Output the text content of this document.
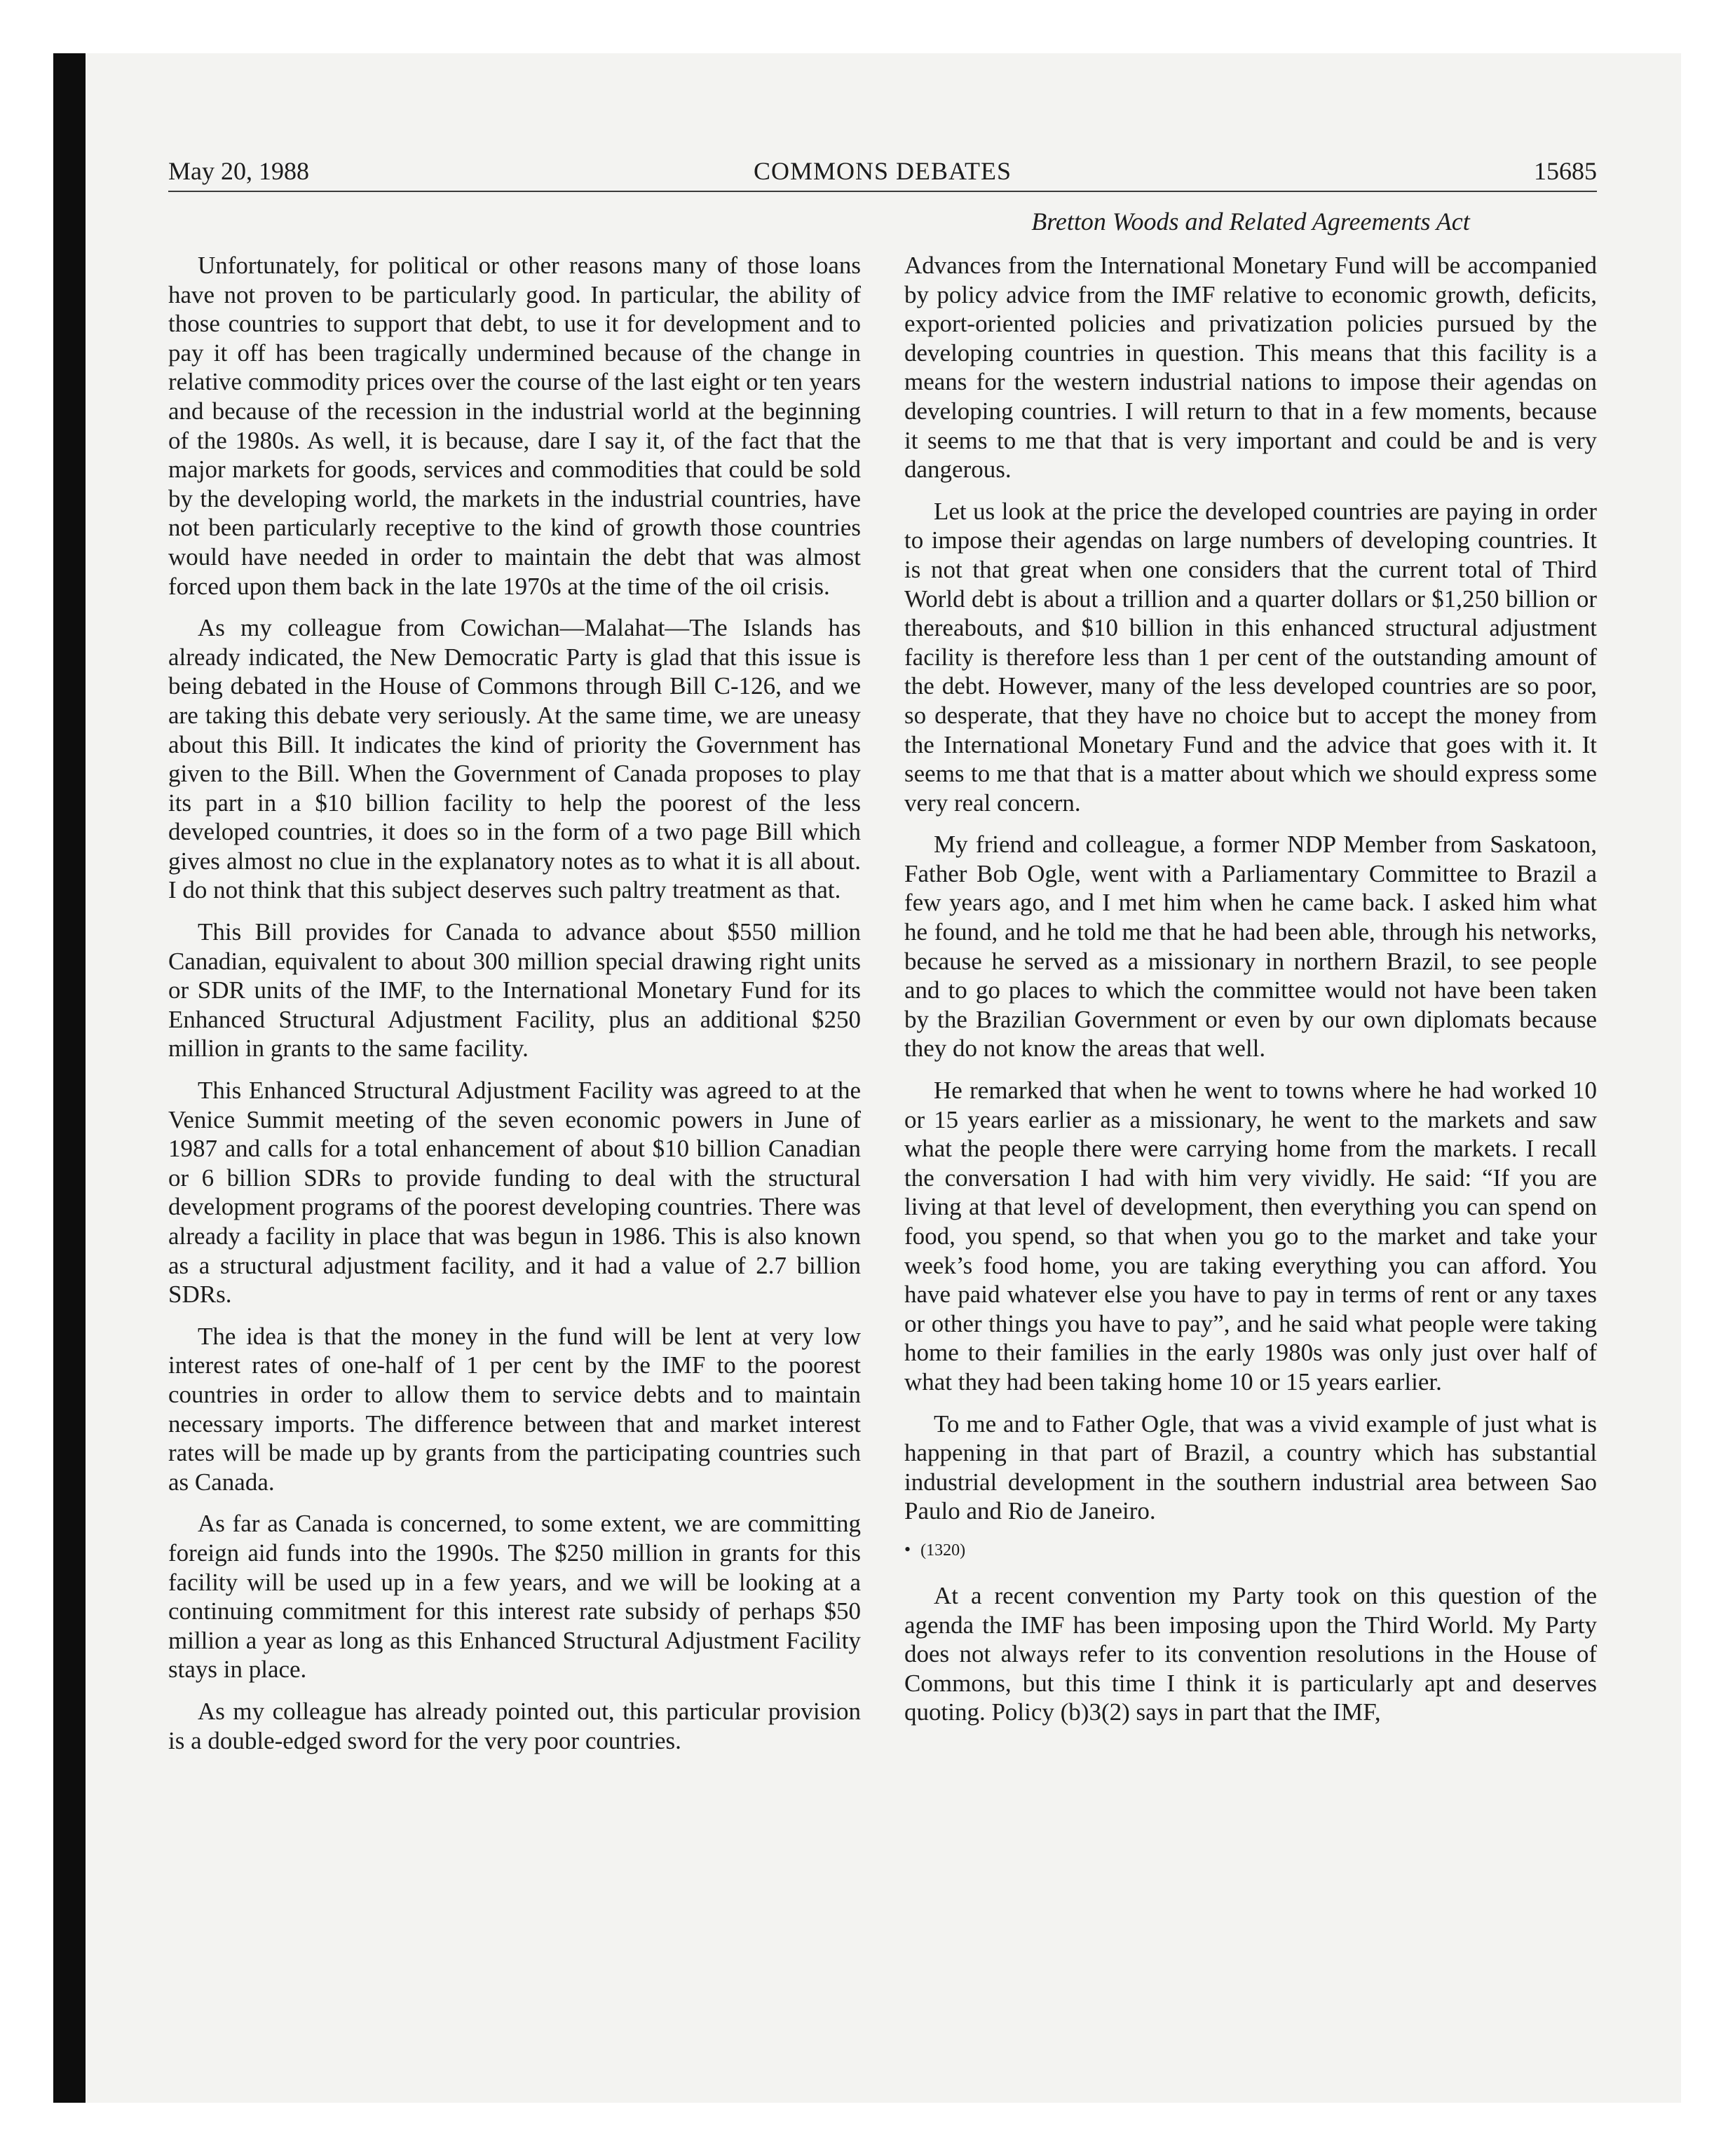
May 20, 1988	COMMONS DEBATES	15685
Bretton Woods and Related Agreements Act

Unfortunately, for political or other reasons many of those loans have not proven to be particularly good. In particular, the ability of those countries to support that debt, to use it for development and to pay it off has been tragically undermined because of the change in relative commodity prices over the course of the last eight or ten years and because of the recession in the industrial world at the beginning of the 1980s. As well, it is because, dare I say it, of the fact that the major markets for goods, services and commodities that could be sold by the developing world, the markets in the industrial countries, have not been particularly receptive to the kind of growth those countries would have needed in order to maintain the debt that was almost forced upon them back in the late 1970s at the time of the oil crisis.

As my colleague from Cowichan—Malahat—The Islands has already indicated, the New Democratic Party is glad that this issue is being debated in the House of Commons through Bill C-126, and we are taking this debate very seriously. At the same time, we are uneasy about this Bill. It indicates the kind of priority the Government has given to the Bill. When the Government of Canada proposes to play its part in a $10 billion facility to help the poorest of the less developed countries, it does so in the form of a two page Bill which gives almost no clue in the explanatory notes as to what it is all about. I do not think that this subject deserves such paltry treatment as that.

This Bill provides for Canada to advance about $550 million Canadian, equivalent to about 300 million special drawing right units or SDR units of the IMF, to the International Monetary Fund for its Enhanced Structural Adjustment Facility, plus an additional $250 million in grants to the same facility.

This Enhanced Structural Adjustment Facility was agreed to at the Venice Summit meeting of the seven economic powers in June of 1987 and calls for a total enhancement of about $10 billion Canadian or 6 billion SDRs to provide funding to deal with the structural development programs of the poorest developing countries. There was already a facility in place that was begun in 1986. This is also known as a structural adjustment facility, and it had a value of 2.7 billion SDRs.

The idea is that the money in the fund will be lent at very low interest rates of one-half of 1 per cent by the IMF to the poorest countries in order to allow them to service debts and to maintain necessary imports. The difference between that and market interest rates will be made up by grants from the participating countries such as Canada.

As far as Canada is concerned, to some extent, we are committing foreign aid funds into the 1990s. The $250 million in grants for this facility will be used up in a few years, and we will be looking at a continuing commitment for this interest rate subsidy of perhaps $50 million a year as long as this Enhanced Structural Adjustment Facility stays in place.

As my colleague has already pointed out, this particular provision is a double-edged sword for the very poor countries.

Advances from the International Monetary Fund will be accompanied by policy advice from the IMF relative to economic growth, deficits, export-oriented policies and privatization policies pursued by the developing countries in question. This means that this facility is a means for the western industrial nations to impose their agendas on developing countries. I will return to that in a few moments, because it seems to me that that is very important and could be and is very dangerous.

Let us look at the price the developed countries are paying in order to impose their agendas on large numbers of developing countries. It is not that great when one considers that the current total of Third World debt is about a trillion and a quarter dollars or $1,250 billion or thereabouts, and $10 billion in this enhanced structural adjustment facility is therefore less than 1 per cent of the outstanding amount of the debt. However, many of the less developed countries are so poor, so desperate, that they have no choice but to accept the money from the International Monetary Fund and the advice that goes with it. It seems to me that that is a matter about which we should express some very real concern.

My friend and colleague, a former NDP Member from Saskatoon, Father Bob Ogle, went with a Parliamentary Committee to Brazil a few years ago, and I met him when he came back. I asked him what he found, and he told me that he had been able, through his networks, because he served as a missionary in northern Brazil, to see people and to go places to which the committee would not have been taken by the Brazilian Government or even by our own diplomats because they do not know the areas that well.

He remarked that when he went to towns where he had worked 10 or 15 years earlier as a missionary, he went to the markets and saw what the people there were carrying home from the markets. I recall the conversation I had with him very vividly. He said: “If you are living at that level of development, then everything you can spend on food, you spend, so that when you go to the market and take your week’s food home, you are taking everything you can afford. You have paid whatever else you have to pay in terms of rent or any taxes or other things you have to pay”, and he said what people were taking home to their families in the early 1980s was only just over half of what they had been taking home 10 or 15 years earlier.

To me and to Father Ogle, that was a vivid example of just what is happening in that part of Brazil, a country which has substantial industrial development in the southern industrial area between Sao Paulo and Rio de Janeiro.

• (1320)

At a recent convention my Party took on this question of the agenda the IMF has been imposing upon the Third World. My Party does not always refer to its convention resolutions in the House of Commons, but this time I think it is particularly apt and deserves quoting. Policy (b)3(2) says in part that the IMF,
